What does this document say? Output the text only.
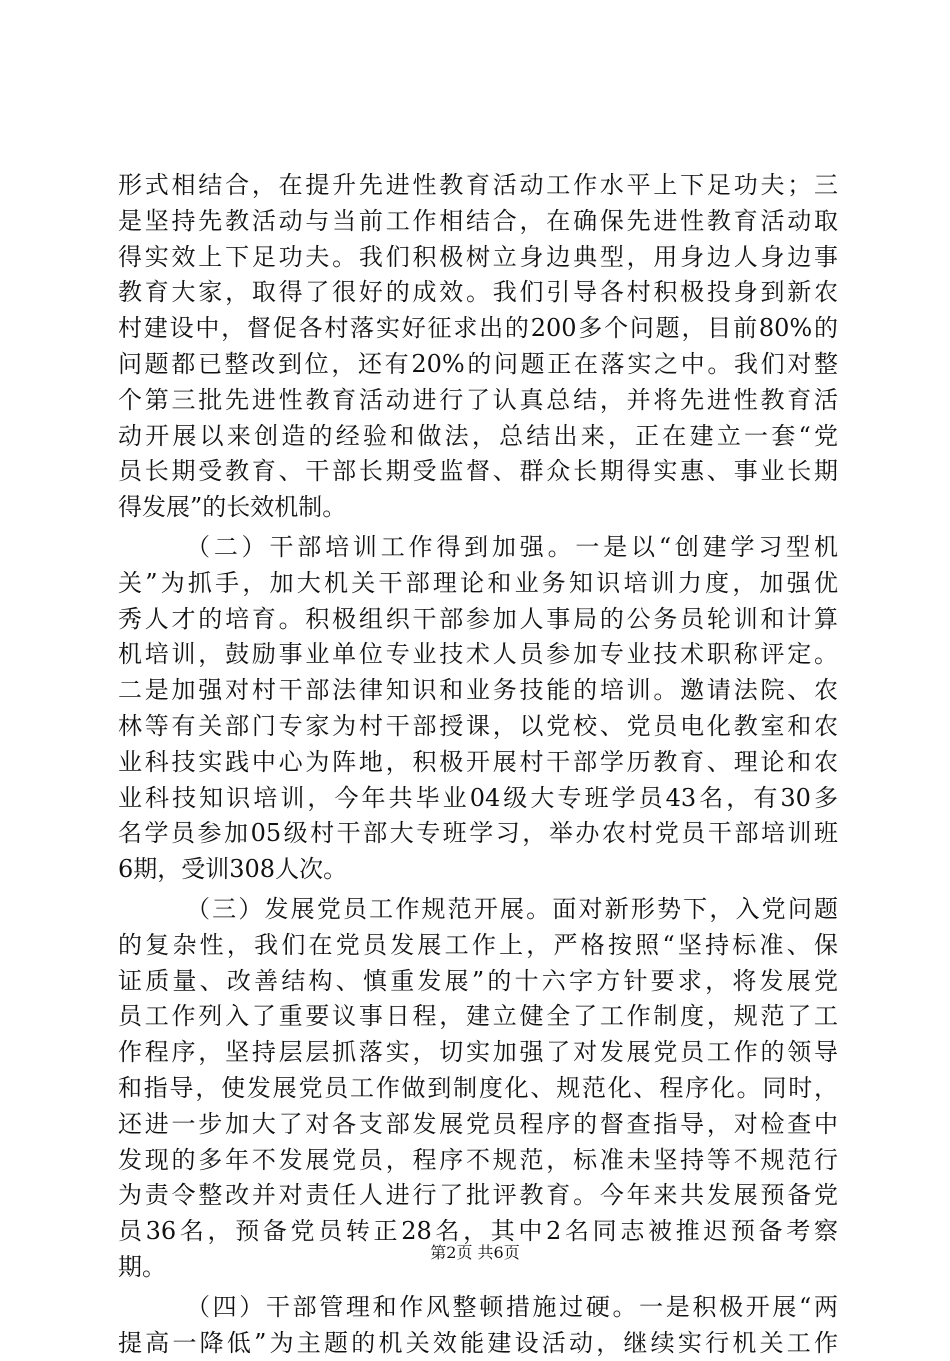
形式相结合，在提升先进性教育活动工作水平上下足功夫；三
是坚持先教活动与当前工作相结合，在确保先进性教育活动取
得实效上下足功夫。我们积极树立身边典型，用身边人身边事
教育大家，取得了很好的成效。我们引导各村积极投身到新农
村建设中，督促各村落实好征求出的200多个问题，目前80%的
问题都已整改到位，还有20%的问题正在落实之中。我们对整
个第三批先进性教育活动进行了认真总结，并将先进性教育活
动开展以来创造的经验和做法，总结出来，正在建立一套“党
员长期受教育、干部长期受监督、群众长期得实惠、事业长期
得发展”的长效机制。
（二）干部培训工作得到加强。一是以“创建学习型机
关”为抓手，加大机关干部理论和业务知识培训力度，加强优
秀人才的培育。积极组织干部参加人事局的公务员轮训和计算
机培训，鼓励事业单位专业技术人员参加专业技术职称评定。
二是加强对村干部法律知识和业务技能的培训。邀请法院、农
林等有关部门专家为村干部授课，以党校、党员电化教室和农
业科技实践中心为阵地，积极开展村干部学历教育、理论和农
业科技知识培训，今年共毕业04级大专班学员43名，有30多
名学员参加05级村干部大专班学习，举办农村党员干部培训班
6期，受训308人次。
（三）发展党员工作规范开展。面对新形势下，入党问题
的复杂性，我们在党员发展工作上，严格按照“坚持标准、保
证质量、改善结构、慎重发展”的十六字方针要求，将发展党
员工作列入了重要议事日程，建立健全了工作制度，规范了工
作程序，坚持层层抓落实，切实加强了对发展党员工作的领导
和指导，使发展党员工作做到制度化、规范化、程序化。同时，
还进一步加大了对各支部发展党员程序的督查指导，对检查中
发现的多年不发展党员，程序不规范，标准未坚持等不规范行
为责令整改并对责任人进行了批评教育。今年来共发展预备党
员36名，预备党员转正28名，其中2名同志被推迟预备考察
期。
（四）干部管理和作风整顿措施过硬。一是积极开展“两
提高一降低”为主题的机关效能建设活动，继续实行机关工作
第2页 共6页
